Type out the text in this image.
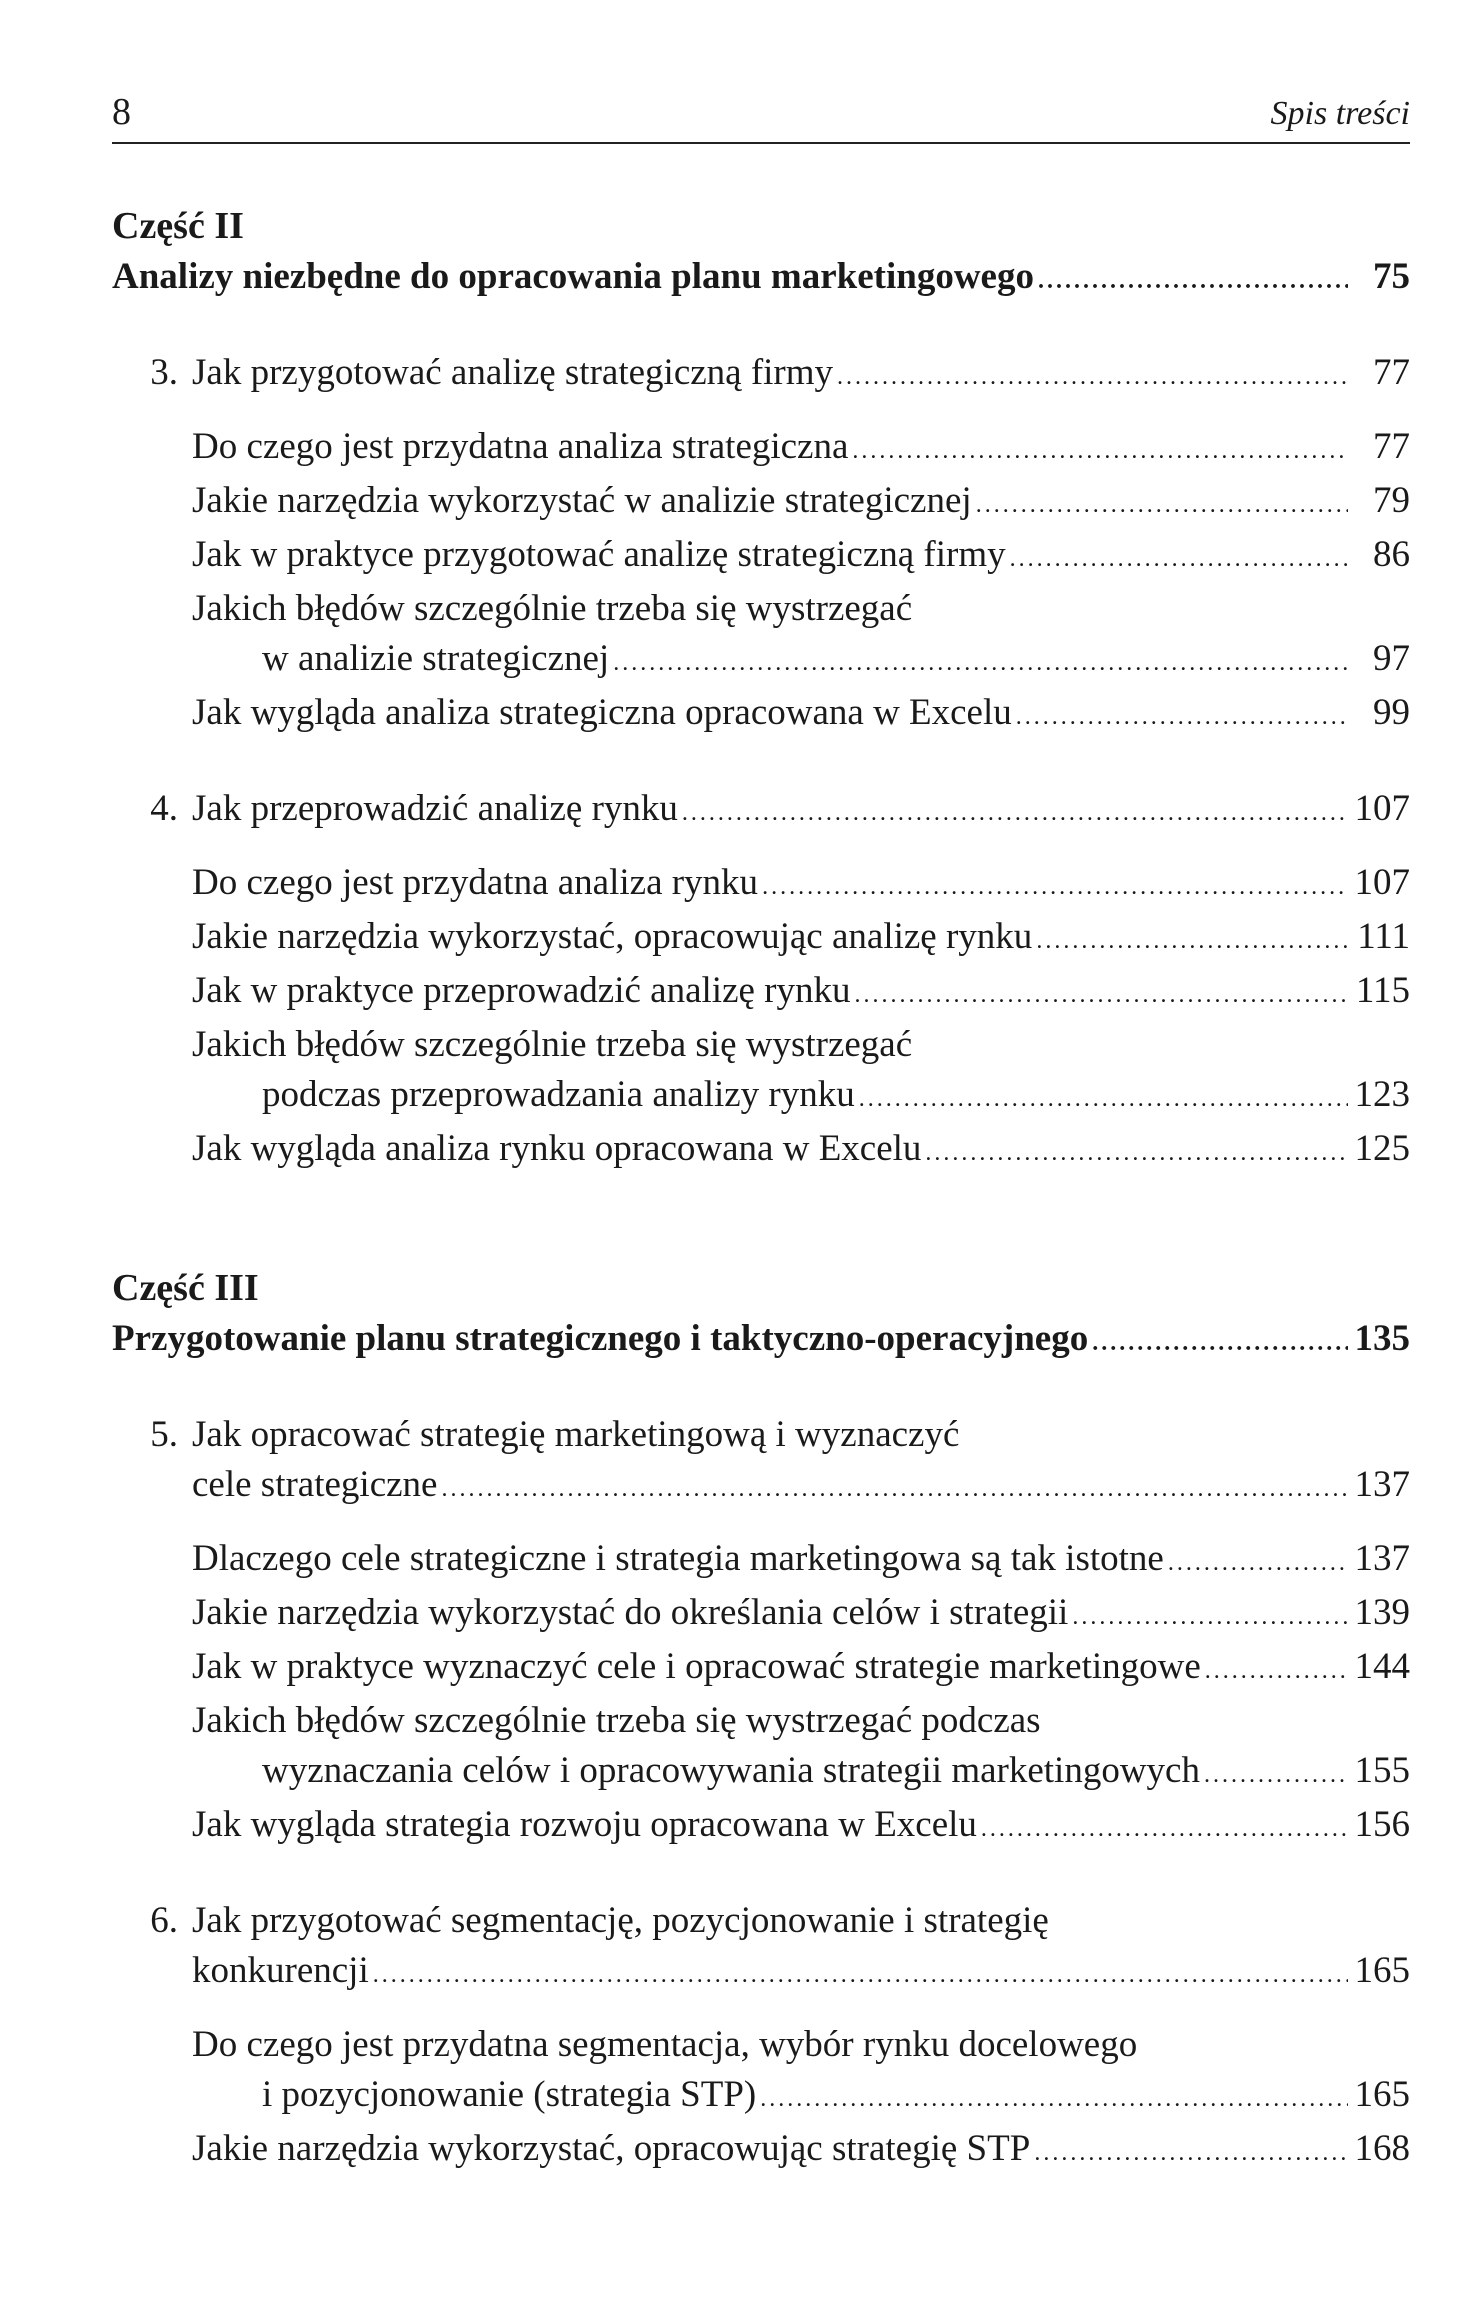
8	Spis treści
Część II
Analizy niezbędne do opracowania planu marketingowego .....	75
3. Jak przygotować analizę strategiczną firmy .....	77
Do czego jest przydatna analiza strategiczna .....	77
Jakie narzędzia wykorzystać w analizie strategicznej .....	79
Jak w praktyce przygotować analizę strategiczną firmy .....	86
Jakich błędów szczególnie trzeba się wystrzegać
w analizie strategicznej .....	97
Jak wygląda analiza strategiczna opracowana w Excelu .....	99
4. Jak przeprowadzić analizę rynku .....	107
Do czego jest przydatna analiza rynku .....	107
Jakie narzędzia wykorzystać, opracowując analizę rynku .....	111
Jak w praktyce przeprowadzić analizę rynku .....	115
Jakich błędów szczególnie trzeba się wystrzegać
podczas przeprowadzania analizy rynku .....	123
Jak wygląda analiza rynku opracowana w Excelu .....	125
Część III
Przygotowanie planu strategicznego i taktyczno-operacyjnego .....	135
5. Jak opracować strategię marketingową i wyznaczyć
cele strategiczne .....	137
Dlaczego cele strategiczne i strategia marketingowa są tak istotne .....	137
Jakie narzędzia wykorzystać do określania celów i strategii .....	139
Jak w praktyce wyznaczyć cele i opracować strategie marketingowe .....	144
Jakich błędów szczególnie trzeba się wystrzegać podczas
wyznaczania celów i opracowywania strategii marketingowych .....	155
Jak wygląda strategia rozwoju opracowana w Excelu .....	156
6. Jak przygotować segmentację, pozycjonowanie i strategię
konkurencji .....	165
Do czego jest przydatna segmentacja, wybór rynku docelowego
i pozycjonowanie (strategia STP) .....	165
Jakie narzędzia wykorzystać, opracowując strategię STP .....	168
